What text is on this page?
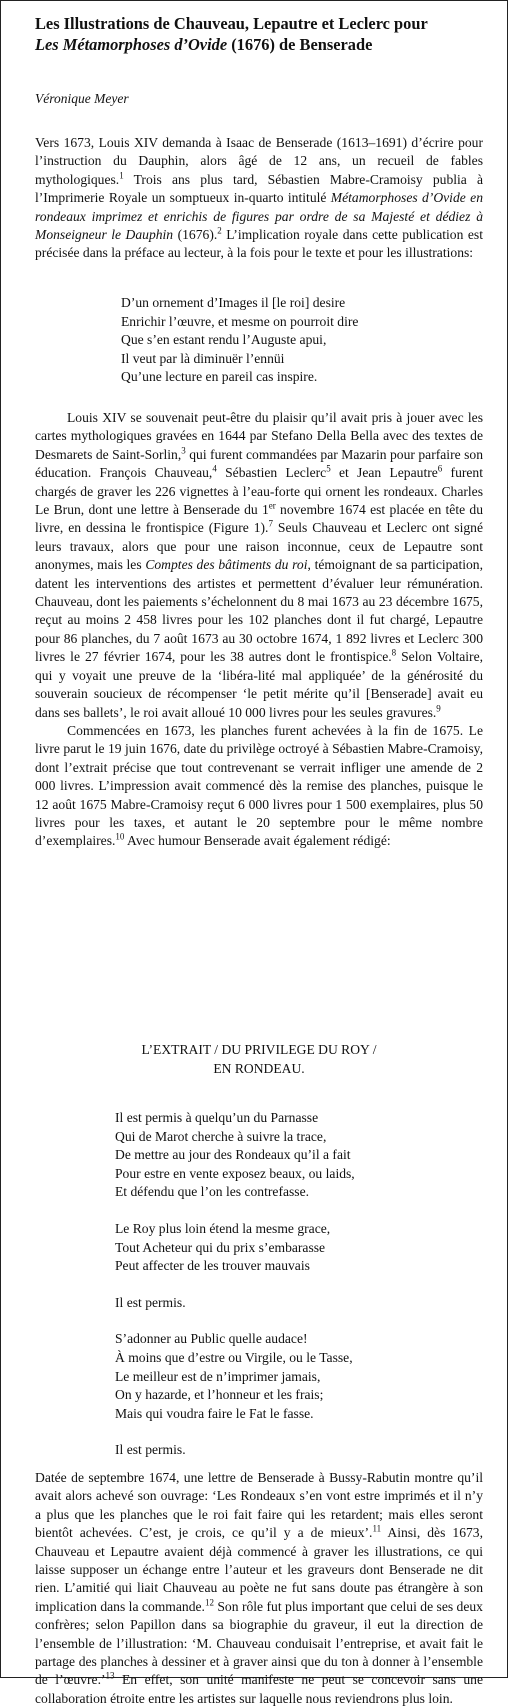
Les Illustrations de Chauveau, Lepautre et Leclerc pour
Les Métamorphoses d’Ovide (1676) de Benserade
Véronique Meyer

Vers 1673, Louis XIV demanda à Isaac de Benserade (1613–1691) d’écrire pour l’instruction du Dauphin, alors âgé de 12 ans, un recueil de fables mythologiques.$^1$ Trois ans plus tard, Sébastien Mabre-Cramoisy publia à l’Imprimerie Royale un somptueux in-quarto intitulé Métamorphoses d’Ovide en rondeaux imprimez et enrichis de figures par ordre de sa Majesté et dédiez à Monseigneur le Dauphin (1676).$^2$ L’implication royale dans cette publication est précisée dans la préface au lecteur, à la fois pour le texte et pour les illustrations:

D’un ornement d’Images il [le roi] desire
Enrichir l’œuvre, et mesme on pourroit dire
Que s’en estant rendu l’Auguste apui,
Il veut par là diminuër l’ennüi
Qu’une lecture en pareil cas inspire.

Louis XIV se souvenait peut-être du plaisir qu’il avait pris à jouer avec les cartes mythologiques gravées en 1644 par Stefano Della Bella avec des textes de Desmarets de Saint-Sorlin,$^3$ qui furent commandées par Mazarin pour parfaire son éducation. François Chauveau,$^4$ Sébastien Leclerc$^5$ et Jean Lepautre$^6$ furent chargés de graver les 226 vignettes à l’eau-forte qui ornent les rondeaux. Charles Le Brun, dont une lettre à Benserade du 1er novembre 1674 est placée en tête du livre, en dessina le frontispice (Figure 1).$^7$ Seuls Chauveau et Leclerc ont signé leurs travaux, alors que pour une raison inconnue, ceux de Lepautre sont anonymes, mais les Comptes des bâtiments du roi, témoignant de sa participation, datent les interventions des artistes et permettent d’évaluer leur rémunération. Chauveau, dont les paiements s’échelonnent du 8 mai 1673 au 23 décembre 1675, reçut au moins 2 458 livres pour les 102 planches dont il fut chargé, Lepautre pour 86 planches, du 7 août 1673 au 30 octobre 1674, 1 892 livres et Leclerc 300 livres le 27 février 1674, pour les 38 autres dont le frontispice.$^8$ Selon Voltaire, qui y voyait une preuve de la ‘libéra-lité mal appliquée’ de la générosité du souverain soucieux de récompenser ‘le petit mérite qu’il [Benserade] avait eu dans ses ballets’, le roi avait alloué 10 000 livres pour les seules gravures.$^9$

Commencées en 1673, les planches furent achevées à la fin de 1675. Le livre parut le 19 juin 1676, date du privilège octroyé à Sébastien Mabre-Cramoisy, dont l’extrait précise que tout contrevenant se verrait infliger une amende de 2 000 livres. L’impression avait commencé dès la remise des planches, puisque le 12 août 1675 Mabre-Cramoisy reçut 6 000 livres pour 1 500 exemplaires, plus 50 livres pour les taxes, et autant le 20 septembre pour le même nombre d’exemplaires.$^{10}$ Avec humour Benserade avait également rédigé:

L’EXTRAIT / DU PRIVILEGE DU ROY /
EN RONDEAU.
Il est permis à quelqu’un du Parnasse
Qui de Marot cherche à suivre la trace,
De mettre au jour des Rondeaux qu’il a fait
Pour estre en vente exposez beaux, ou laids,
Et défendu que l’on les contrefasse.
Le Roy plus loin étend la mesme grace,
Tout Acheteur qui du prix s’embarasse
Peut affecter de les trouver mauvais
Il est permis.
S’adonner au Public quelle audace!
À moins que d’estre ou Virgile, ou le Tasse,
Le meilleur est de n’imprimer jamais,
On y hazarde, et l’honneur et les frais;
Mais qui voudra faire le Fat le fasse.
Il est permis.

Datée de septembre 1674, une lettre de Benserade à Bussy-Rabutin montre qu’il avait alors achevé son ouvrage: ‘Les Rondeaux s’en vont estre imprimés et il n’y a plus que les planches que le roi fait faire qui les retardent; mais elles seront bientôt achevées. C’est, je crois, ce qu’il y a de mieux’.$^{11}$ Ainsi, dès 1673, Chauveau et Lepautre avaient déjà commencé à graver les illustrations, ce qui laisse supposer un échange entre l’auteur et les graveurs dont Benserade ne dit rien. L’amitié qui liait Chauveau au poète ne fut sans doute pas étrangère à son implication dans la commande.$^{12}$ Son rôle fut plus important que celui de ses deux confrères; selon Papillon dans sa biographie du graveur, il eut la direction de l’ensemble de l’illustration: ‘M. Chauveau conduisait l’entreprise, et avait fait le partage des planches à dessiner et à graver ainsi que du ton à donner à l’ensemble de l’œuvre.’$^{13}$ En effet, son unité manifeste ne peut se concevoir sans une collaboration étroite entre les artistes sur laquelle nous reviendrons plus loin.
